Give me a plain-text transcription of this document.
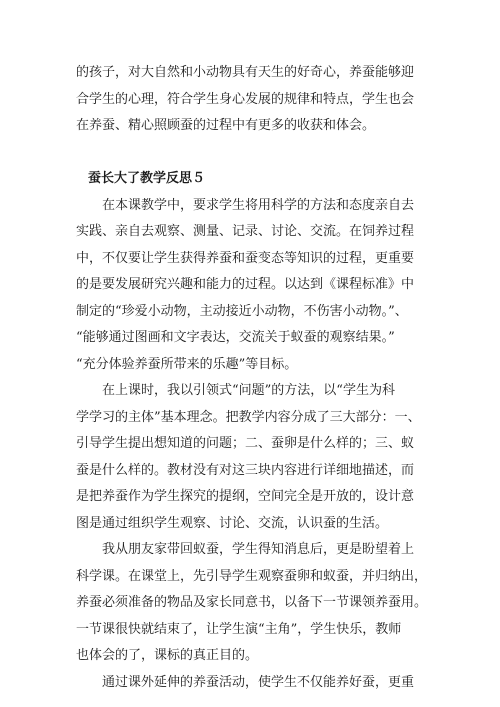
的孩子，对大自然和小动物具有天生的好奇心，养蚕能够迎
合学生的心理，符合学生身心发展的规律和特点，学生也会
在养蚕、精心照顾蚕的过程中有更多的收获和体会。

蚕长大了教学反思５

在本课教学中，要求学生将用科学的方法和态度亲自去
实践、亲自去观察、测量、记录、讨论、交流。在饲养过程
中，不仅要让学生获得养蚕和蚕变态等知识的过程，更重要
的是要发展研究兴趣和能力的过程。以达到《课程标准》中
制定的“珍爱小动物，主动接近小动物，不伤害小动物。”、
“能够通过图画和文字表达，交流关于蚁蚕的观察结果。”
“充分体验养蚕所带来的乐趣”等目标。

在上课时，我以引领式“问题”的方法，以“学生为科
学学习的主体”基本理念。把教学内容分成了三大部分：一、
引导学生提出想知道的问题；二、蚕卵是什么样的；三、蚁
蚕是什么样的。教材没有对这三块内容进行详细地描述，而
是把养蚕作为学生探究的提纲，空间完全是开放的，设计意
图是通过组织学生观察、讨论、交流，认识蚕的生活。

我从朋友家带回蚁蚕，学生得知消息后，更是盼望着上
科学课。在课堂上，先引导学生观察蚕卵和蚁蚕，并归纳出，
养蚕必须准备的物品及家长同意书，以备下一节课领养蚕用。
一节课很快就结束了，让学生演“主角”，学生快乐，教师
也体会的了，课标的真正目的。

通过课外延伸的养蚕活动，使学生不仅能养好蚕，更重
